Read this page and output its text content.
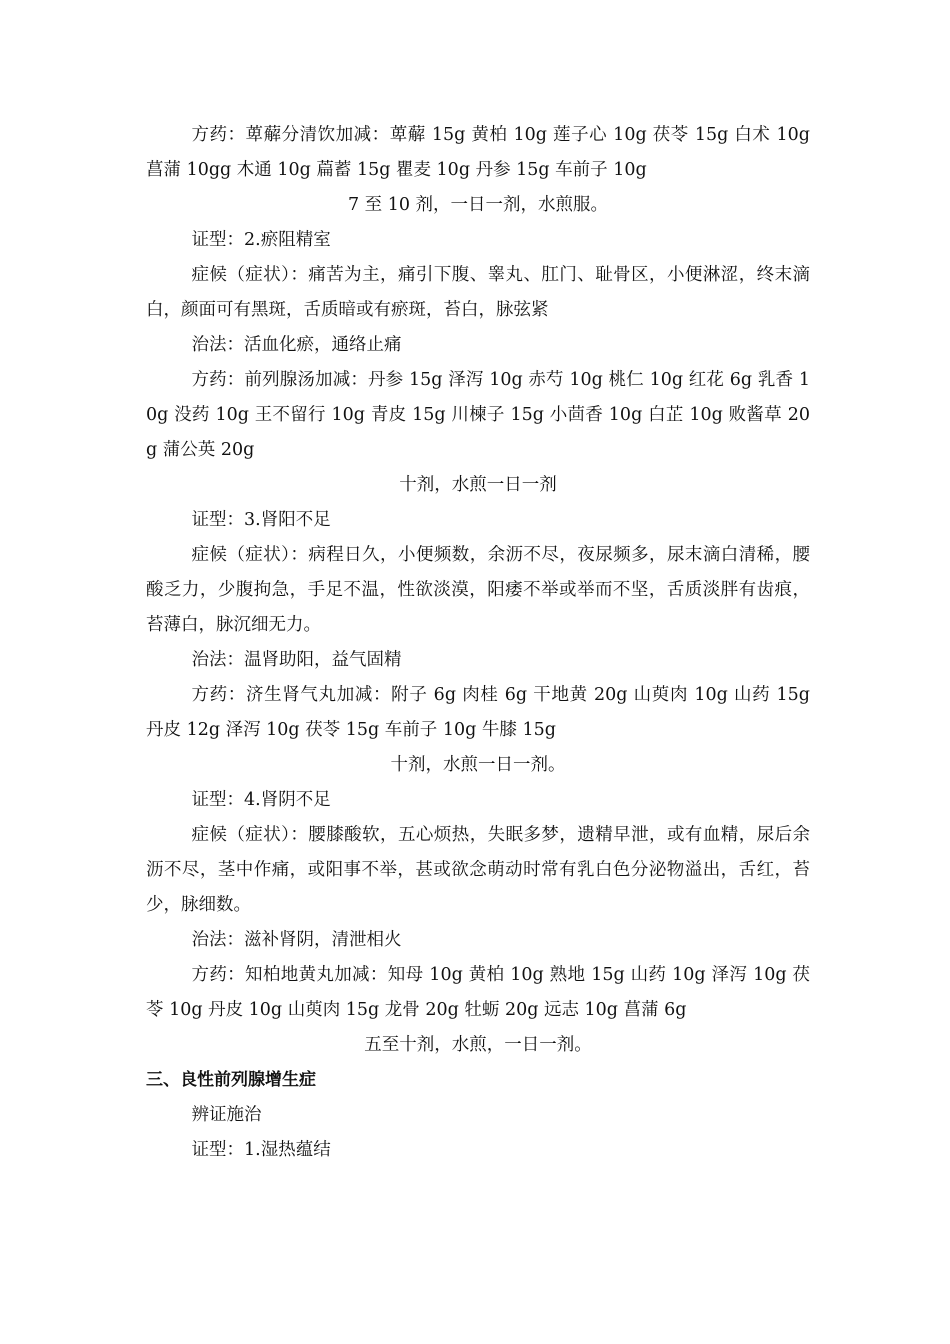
方药：萆薢分清饮加减：萆薢 15g 黄柏 10g 莲子心 10g 茯苓 15g 白术 10g 菖蒲 10gg 木通 10g 萹蓄 15g 瞿麦 10g 丹参 15g 车前子 10g

7 至 10 剂，一日一剂，水煎服。

证型：2.瘀阻精室

症候（症状）：痛苦为主，痛引下腹、睾丸、肛门、耻骨区，小便淋涩，终末滴白，颜面可有黑斑，舌质暗或有瘀斑，苔白，脉弦紧

治法：活血化瘀，通络止痛

方药：前列腺汤加减：丹参 15g 泽泻 10g 赤芍 10g 桃仁 10g 红花 6g 乳香 10g 没药 10g 王不留行 10g 青皮 15g 川楝子 15g 小茴香 10g 白芷 10g 败酱草 20g 蒲公英 20g

十剂，水煎一日一剂

证型：3.肾阳不足

症候（症状）：病程日久，小便频数，余沥不尽，夜尿频多，尿末滴白清稀，腰酸乏力，少腹拘急，手足不温，性欲淡漠，阳痿不举或举而不坚，舌质淡胖有齿痕，苔薄白，脉沉细无力。

治法：温肾助阳，益气固精

方药：济生肾气丸加减：附子 6g 肉桂 6g 干地黄 20g 山萸肉 10g 山药 15g 丹皮 12g 泽泻 10g 茯苓 15g 车前子 10g 牛膝 15g

十剂，水煎一日一剂。

证型：4.肾阴不足

症候（症状）：腰膝酸软，五心烦热，失眠多梦，遗精早泄，或有血精，尿后余沥不尽，茎中作痛，或阳事不举，甚或欲念萌动时常有乳白色分泌物溢出，舌红，苔少，脉细数。

治法：滋补肾阴，清泄相火

方药：知柏地黄丸加减：知母 10g 黄柏 10g 熟地 15g 山药 10g 泽泻 10g 茯苓 10g 丹皮 10g 山萸肉 15g 龙骨 20g 牡蛎 20g 远志 10g 菖蒲 6g

五至十剂，水煎，一日一剂。

三、良性前列腺增生症

辨证施治

证型：1.湿热蕴结
